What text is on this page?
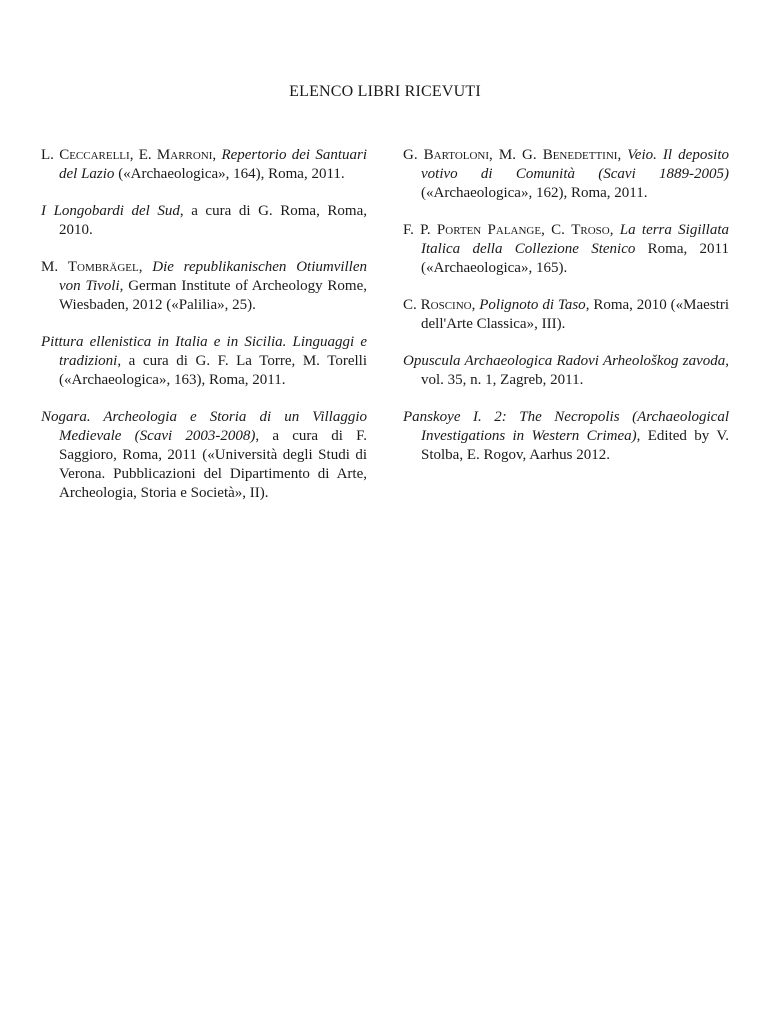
ELENCO LIBRI RICEVUTI

L. Ceccarelli, E. Marroni, Repertorio dei Santuari del Lazio («Archaeologica», 164), Roma, 2011.

I Longobardi del Sud, a cura di G. Roma, Roma, 2010.

M. Tombrägel, Die republikanischen Otiumvillen von Tivoli, German Institute of Archeology Rome, Wiesbaden, 2012 («Palilia», 25).

Pittura ellenistica in Italia e in Sicilia. Linguaggi e tradizioni, a cura di G. F. La Torre, M. Torelli («Archaeologica», 163), Roma, 2011.

Nogara. Archeologia e Storia di un Villaggio Medievale (Scavi 2003-2008), a cura di F. Saggioro, Roma, 2011 («Università degli Studi di Verona. Pubblicazioni del Dipartimento di Arte, Archeologia, Storia e Società», II).

G. Bartoloni, M. G. Benedettini, Veio. Il deposito votivo di Comunità (Scavi 1889-2005) («Archaeologica», 162), Roma, 2011.

F. P. Porten Palange, C. Troso, La terra Sigillata Italica della Collezione Stenico Roma, 2011 («Archaeologica», 165).

C. Roscino, Polignoto di Taso, Roma, 2010 («Maestri dell'Arte Classica», III).

Opuscula Archaeologica Radovi Arheološkog zavoda, vol. 35, n. 1, Zagreb, 2011.

Panskoye I. 2: The Necropolis (Archaeological Investigations in Western Crimea), Edited by V. Stolba, E. Rogov, Aarhus 2012.
